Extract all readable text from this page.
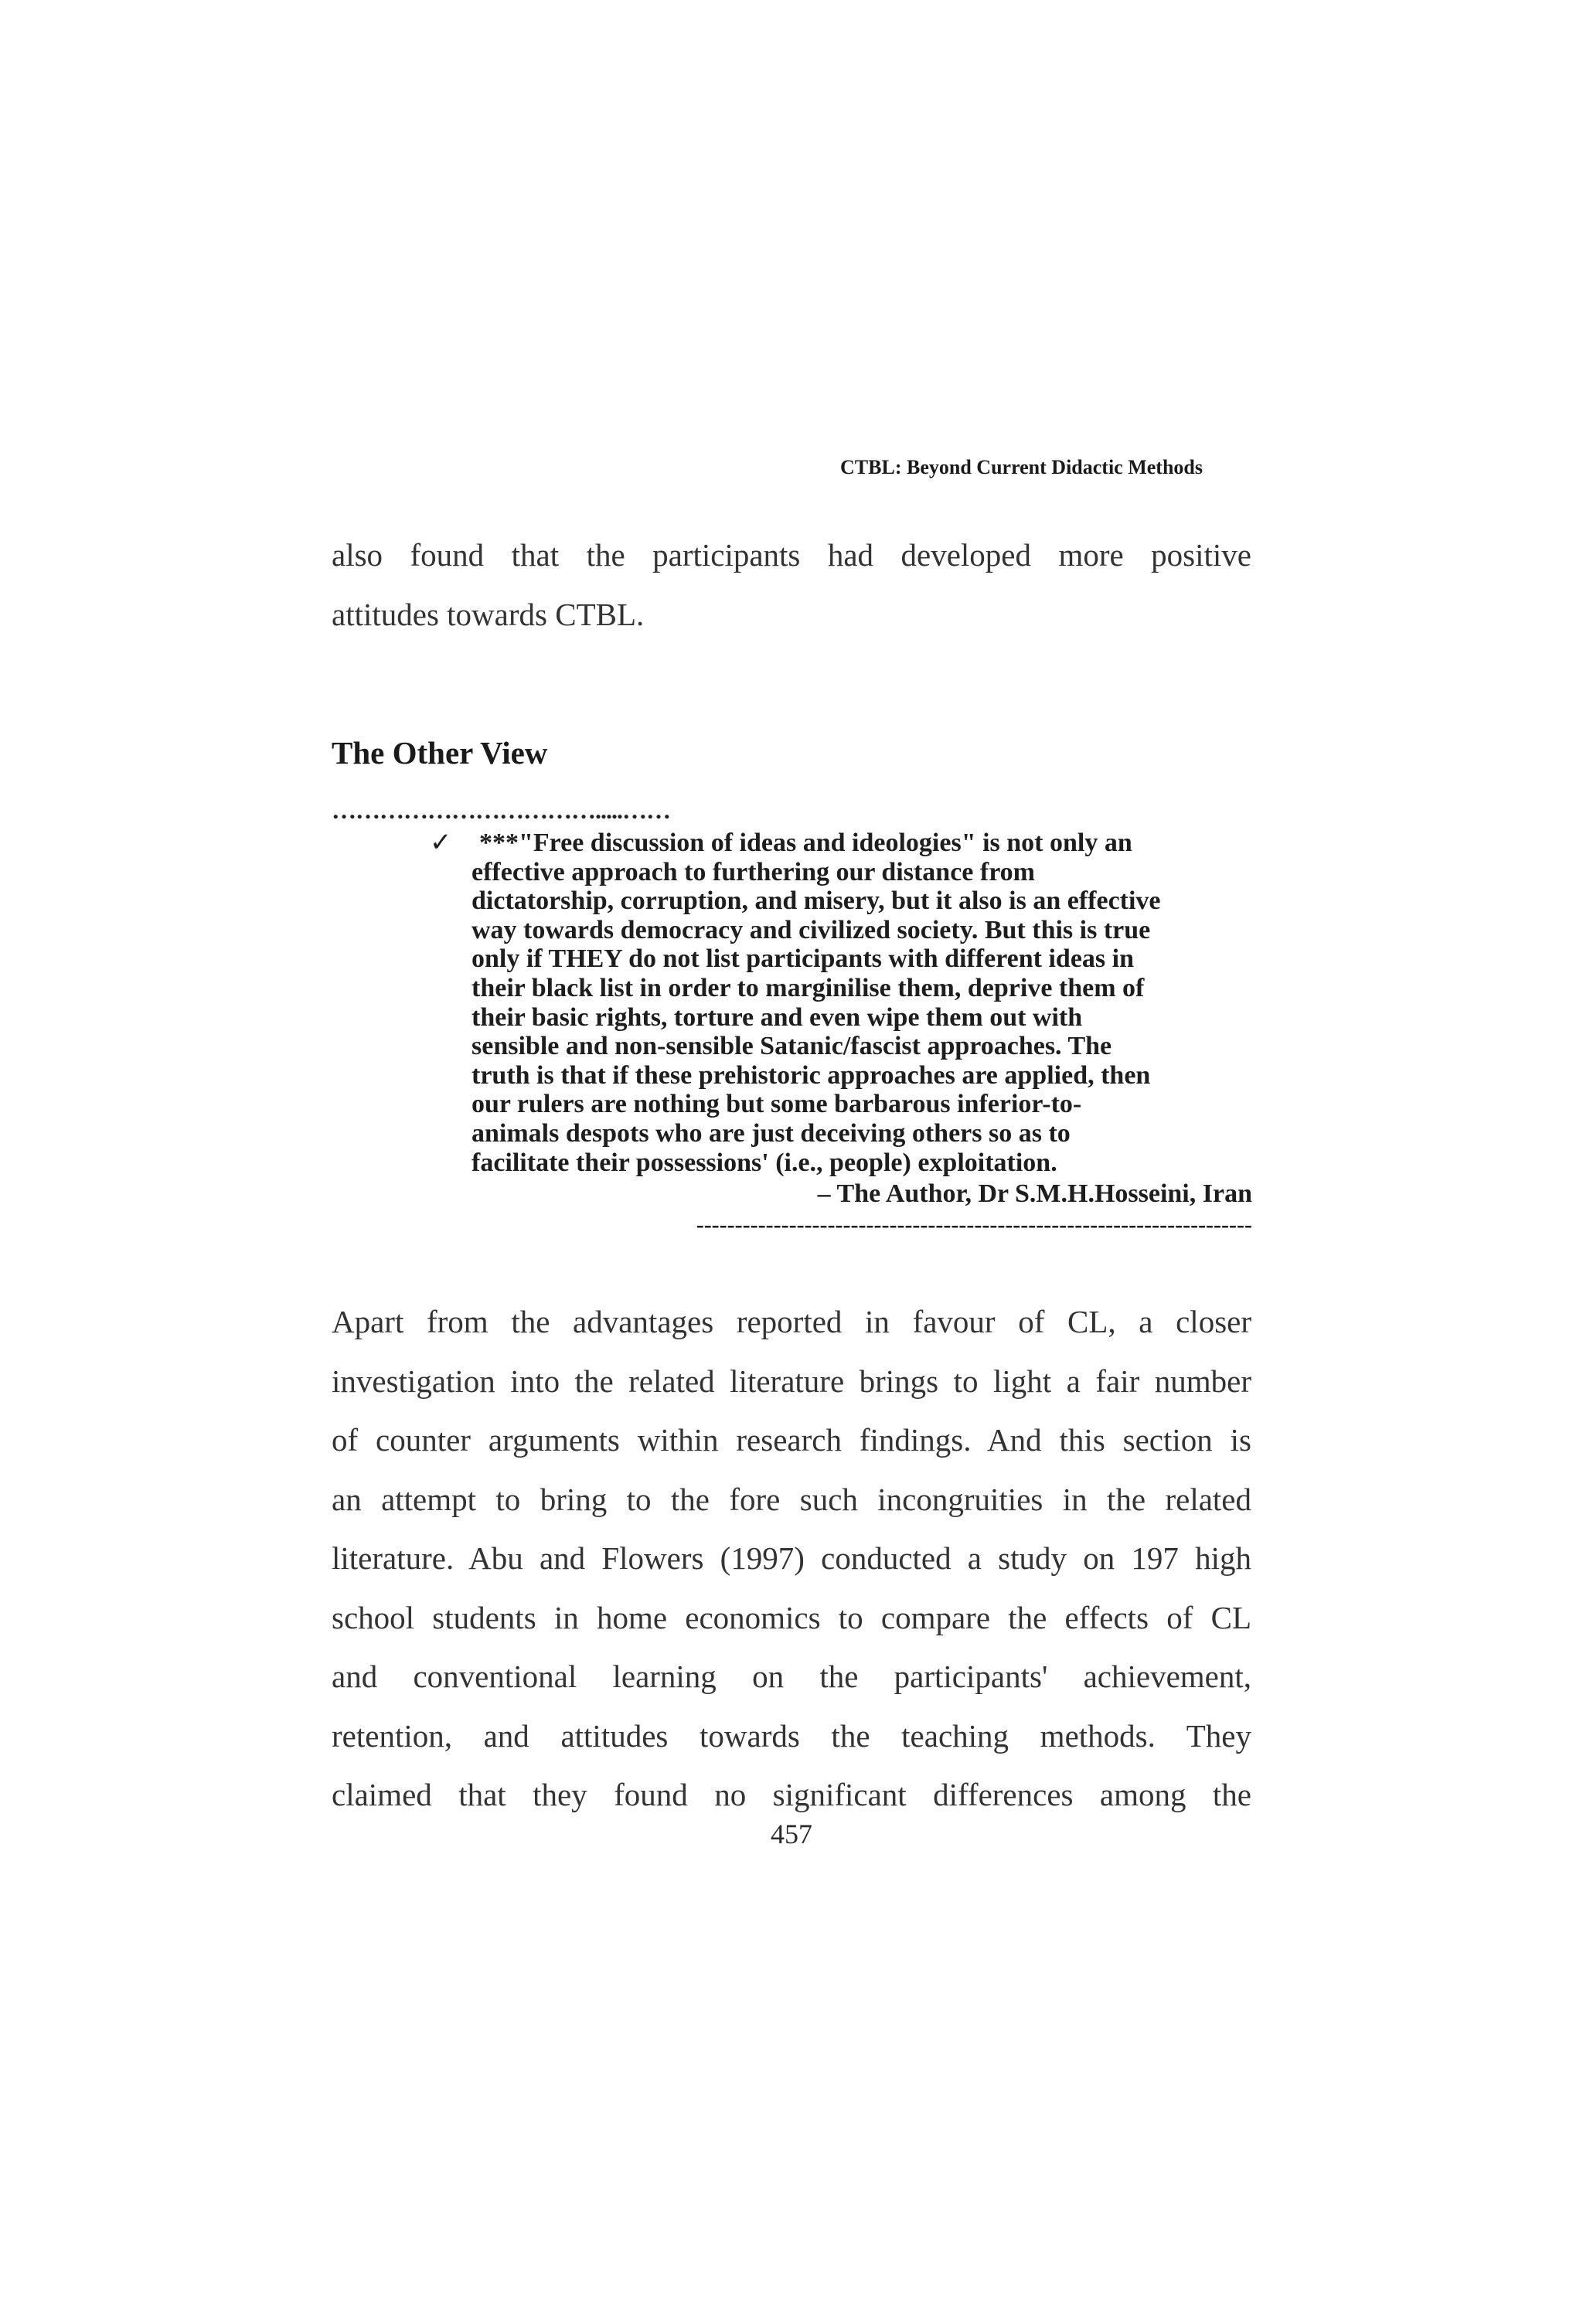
CTBL: Beyond Current Didactic Methods
also found that the participants had developed more positive
attitudes towards CTBL.
The Other View
…………………………….....……
✓ ***"Free discussion of ideas and ideologies" is not only an
effective approach to furthering our distance from
dictatorship, corruption, and misery, but it also is an effective
way towards democracy and civilized society. But this is true
only if THEY do not list participants with different ideas in
their black list in order to marginilise them, deprive them of
their basic rights, torture and even wipe them out with
sensible and non-sensible Satanic/fascist approaches. The
truth is that if these prehistoric approaches are applied, then
our rulers are nothing but some barbarous inferior-to-
animals despots who are just deceiving others so as to
facilitate their possessions' (i.e., people) exploitation.
– The Author, Dr S.M.H.Hosseini, Iran
------------------------------------------------------------------------
Apart from the advantages reported in favour of CL, a closer
investigation into the related literature brings to light a fair number
of counter arguments within research findings. And this section is
an attempt to bring to the fore such incongruities in the related
literature. Abu and Flowers (1997) conducted a study on 197 high
school students in home economics to compare the effects of CL
and conventional learning on the participants' achievement,
retention, and attitudes towards the teaching methods. They
claimed that they found no significant differences among the
457
